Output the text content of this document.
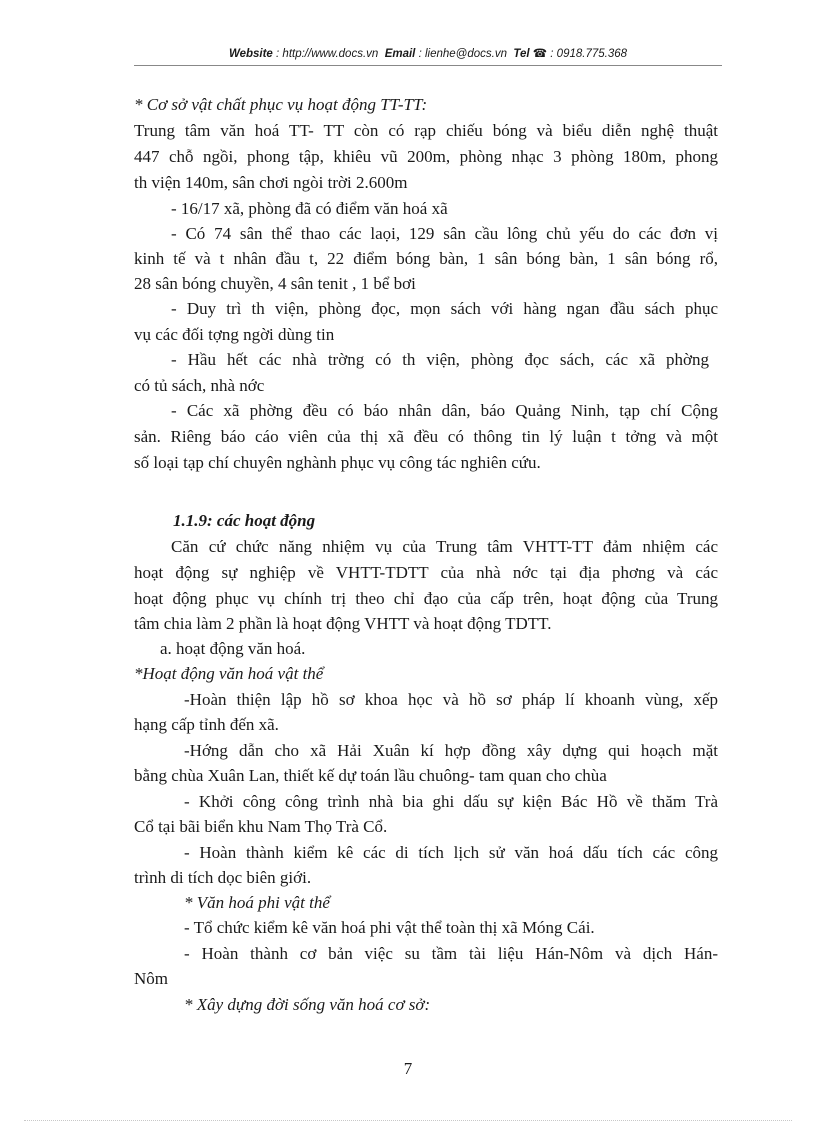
Website : http://www.docs.vn Email : lienhe@docs.vn Tel ☎ : 0918.775.368
* Cơ sở vật chất phục vụ hoạt động TT-TT:
Trung tâm văn hoá TT- TT còn có rạp chiếu bóng và biểu diễn nghệ thuật
447 chỗ ngồi, phong tập, khiêu vũ 200m, phòng nhạc 3 phòng 180m, phong
th viện 140m, sân chơi ngòi trời 2.600m
- 16/17 xã, phòng đã có điểm văn hoá xã
- Có 74 sân thể thao các laọi, 129 sân cầu lông chủ yếu do các đơn vị
kinh tế và t nhân đầu t, 22 điểm bóng bàn, 1 sân bóng bàn, 1 sân bóng rổ,
28 sân bóng chuyền, 4 sân tenit , 1 bể bơi
- Duy trì th viện, phòng đọc, mọn sách với hàng ngan đầu sách phục
vụ các đối tợng ngời dùng tin
- Hầu hết các nhà trờng có th viện, phòng đọc sách, các xã phờng
có tủ sách, nhà nớc
- Các xã phờng đều có báo nhân dân, báo Quảng Ninh, tạp chí Cộng
sản. Riêng báo cáo viên của thị xã đều có thông tin lý luận t tởng và một
số loại tạp chí chuyên nghành phục vụ công tác nghiên cứu.
1.1.9: các hoạt động
Căn cứ chức năng nhiệm vụ của Trung tâm VHTT-TT đảm nhiệm các
hoạt động sự nghiệp về VHTT-TDTT của nhà nớc tại địa phơng và các
hoạt động phục vụ chính trị theo chỉ đạo của cấp trên, hoạt động của Trung
tâm chia làm 2 phần là hoạt động VHTT và hoạt động TDTT.
a. hoạt động văn hoá.
*Hoạt động văn hoá vật thể
-Hoàn thiện lập hồ sơ khoa học và hồ sơ pháp lí khoanh vùng, xếp
hạng cấp tỉnh đến xã.
-Hớng dẫn cho xã Hải Xuân kí hợp đồng xây dựng qui hoạch mặt
bằng chùa Xuân Lan, thiết kế dự toán lầu chuông- tam quan cho chùa
- Khởi công công trình nhà bia ghi dấu sự kiện Bác Hồ về thăm Trà
Cổ tại bãi biển khu Nam Thọ Trà Cổ.
- Hoàn thành kiểm kê các di tích lịch sử văn hoá dấu tích các công
trình di tích dọc biên giới.
* Văn hoá phi vật thể
- Tổ chức kiểm kê văn hoá phi vật thể toàn thị xã Móng Cái.
- Hoàn thành cơ bản việc su tầm tài liệu Hán-Nôm và dịch Hán-
Nôm
* Xây dựng đời sống văn hoá cơ sở:
7
